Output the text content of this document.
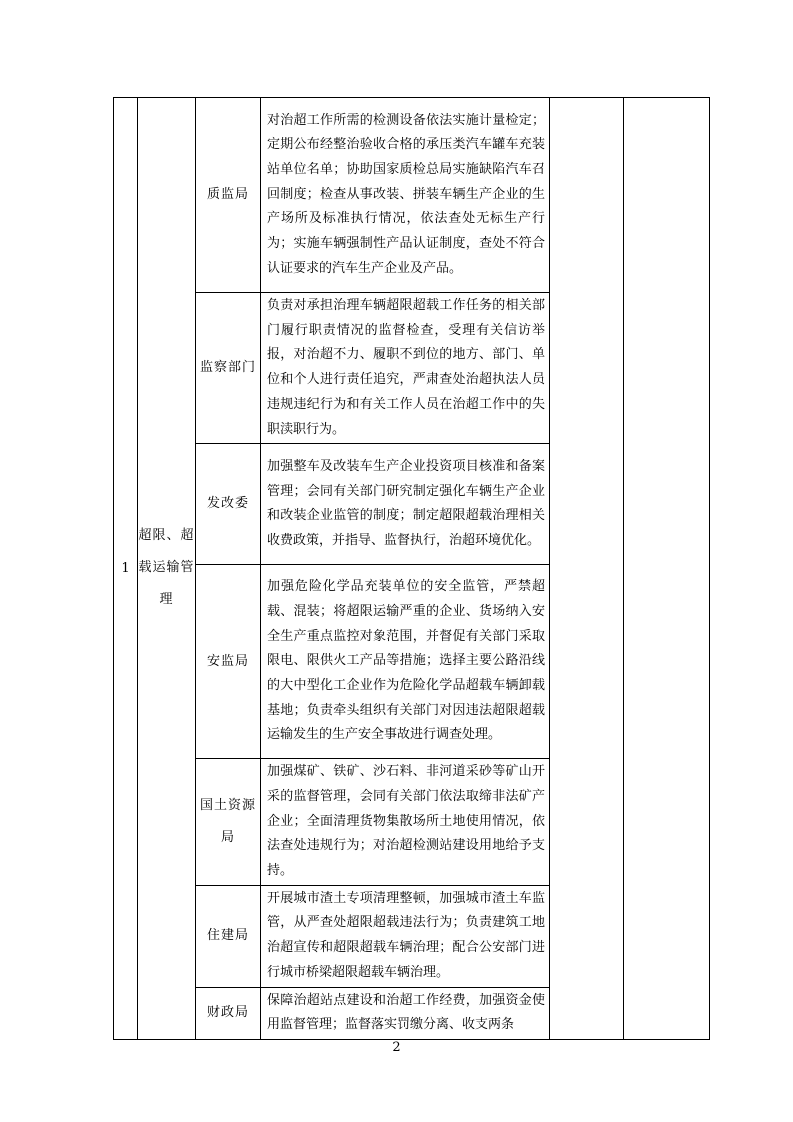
1	超限、超载运输管理	质监局	对治超工作所需的检测设备依法实施计量检定；定期公布经整治验收合格的承压类汽车罐车充装站单位名单；协助国家质检总局实施缺陷汽车召回制度；检查从事改装、拼装车辆生产企业的生产场所及标准执行情况，依法查处无标生产行为；实施车辆强制性产品认证制度，查处不符合认证要求的汽车生产企业及产品。		
		监察部门	负责对承担治理车辆超限超载工作任务的相关部门履行职责情况的监督检查，受理有关信访举报，对治超不力、履职不到位的地方、部门、单位和个人进行责任追究，严肃查处治超执法人员违规违纪行为和有关工作人员在治超工作中的失职渎职行为。		
		发改委	加强整车及改装车生产企业投资项目核准和备案管理；会同有关部门研究制定强化车辆生产企业和改装企业监管的制度；制定超限超载治理相关收费政策，并指导、监督执行，治超环境优化。		
		安监局	加强危险化学品充装单位的安全监管，严禁超载、混装；将超限运输严重的企业、货场纳入安全生产重点监控对象范围，并督促有关部门采取限电、限供火工产品等措施；选择主要公路沿线的大中型化工企业作为危险化学品超载车辆卸载基地；负责牵头组织有关部门对因违法超限超载运输发生的生产安全事故进行调查处理。		
		国土资源局	加强煤矿、铁矿、沙石料、非河道采砂等矿山开采的监督管理，会同有关部门依法取缔非法矿产企业；全面清理货物集散场所土地使用情况，依法查处违规行为；对治超检测站建设用地给予支持。		
		住建局	开展城市渣土专项清理整顿，加强城市渣土车监管，从严查处超限超载违法行为；负责建筑工地治超宣传和超限超载车辆治理；配合公安部门进行城市桥梁超限超载车辆治理。		
		财政局	保障治超站点建设和治超工作经费，加强资金使用监督管理；监督落实罚缴分离、收支两条		
2
